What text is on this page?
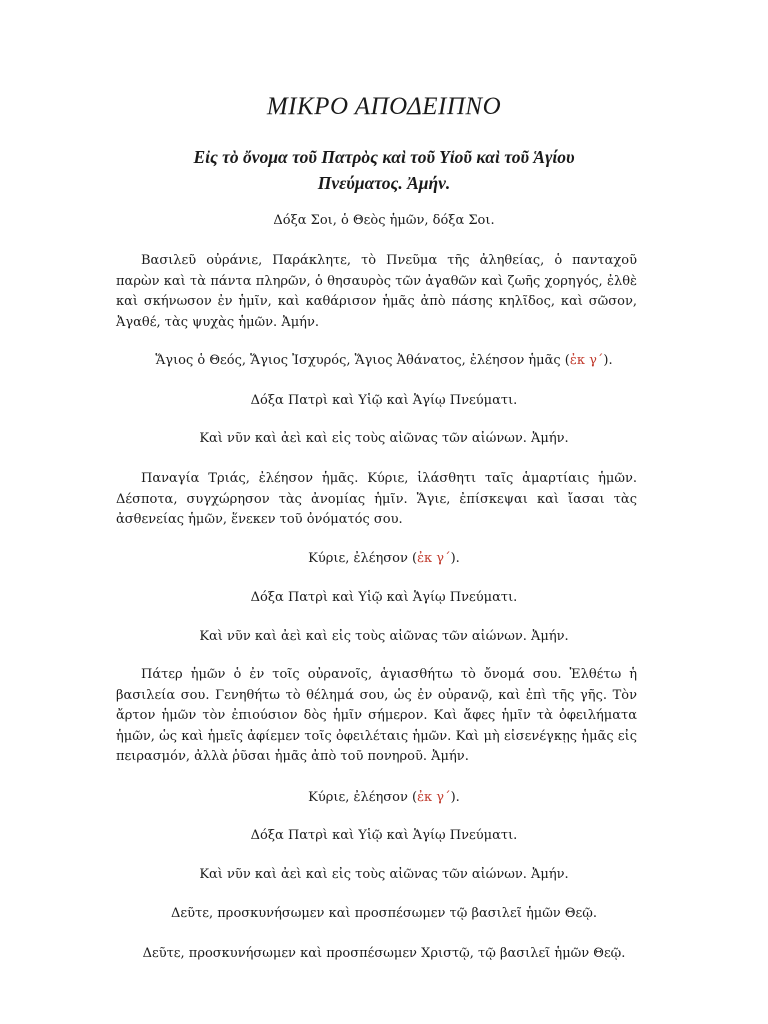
ΜΙΚΡΟ ΑΠΟΔΕΙΠΝΟ
Εἰς τὸ ὄνομα τοῦ Πατρὸς καὶ τοῦ Υἱοῦ καὶ τοῦ Ἁγίου
Πνεύματος. Ἀμήν.
Δόξα Σοι, ὁ Θεὸς ἡμῶν, δόξα Σοι.
Βασιλεῦ οὐράνιε, Παράκλητε, τὸ Πνεῦμα τῆς ἀληθείας, ὁ πανταχοῦ παρὼν καὶ τὰ πάντα πληρῶν, ὁ θησαυρὸς τῶν ἀγαθῶν καὶ ζωῆς χορηγός, ἐλθὲ καὶ σκήνωσον ἐν ἡμῖν, καὶ καθάρισον ἡμᾶς ἀπὸ πάσης κηλῖδος, καὶ σῶσον, Ἀγαθέ, τὰς ψυχὰς ἡμῶν. Ἀμήν.
Ἅγιος ὁ Θεός, Ἅγιος Ἰσχυρός, Ἅγιος Ἀθάνατος, ἐλέησον ἡμᾶς (ἐκ γ΄).
Δόξα Πατρὶ καὶ Υἱῷ καὶ Ἁγίῳ Πνεύματι.
Καὶ νῦν καὶ ἀεὶ καὶ εἰς τοὺς αἰῶνας τῶν αἰώνων. Ἀμήν.
Παναγία Τριάς, ἐλέησον ἡμᾶς. Κύριε, ἱλάσθητι ταῖς ἁμαρτίαις ἡμῶν. Δέσποτα, συγχώρησον τὰς ἀνομίας ἡμῖν. Ἅγιε, ἐπίσκεψαι καὶ ἴασαι τὰς ἀσθενείας ἡμῶν, ἕνεκεν τοῦ ὀνόματός σου.
Κύριε, ἐλέησον (ἐκ γ΄).
Δόξα Πατρὶ καὶ Υἱῷ καὶ Ἁγίῳ Πνεύματι.
Καὶ νῦν καὶ ἀεὶ καὶ εἰς τοὺς αἰῶνας τῶν αἰώνων. Ἀμήν.
Πάτερ ἡμῶν ὁ ἐν τοῖς οὐρανοῖς, ἁγιασθήτω τὸ ὄνομά σου. Ἐλθέτω ἡ βασιλεία σου. Γενηθήτω τὸ θέλημά σου, ὡς ἐν οὐρανῷ, καὶ ἐπὶ τῆς γῆς. Τὸν ἄρτον ἡμῶν τὸν ἐπιούσιον δὸς ἡμῖν σήμερον. Καὶ ἄφες ἡμῖν τὰ ὀφειλήματα ἡμῶν, ὡς καὶ ἡμεῖς ἀφίεμεν τοῖς ὀφειλέταις ἡμῶν. Καὶ μὴ εἰσενέγκῃς ἡμᾶς εἰς πειρασμόν, ἀλλὰ ῥῦσαι ἡμᾶς ἀπὸ τοῦ πονηροῦ. Ἀμήν.
Κύριε, ἐλέησον (ἐκ γ΄).
Δόξα Πατρὶ καὶ Υἱῷ καὶ Ἁγίῳ Πνεύματι.
Καὶ νῦν καὶ ἀεὶ καὶ εἰς τοὺς αἰῶνας τῶν αἰώνων. Ἀμήν.
Δεῦτε, προσκυνήσωμεν καὶ προσπέσωμεν τῷ βασιλεῖ ἡμῶν Θεῷ.
Δεῦτε, προσκυνήσωμεν καὶ προσπέσωμεν Χριστῷ, τῷ βασιλεῖ ἡμῶν Θεῷ.
